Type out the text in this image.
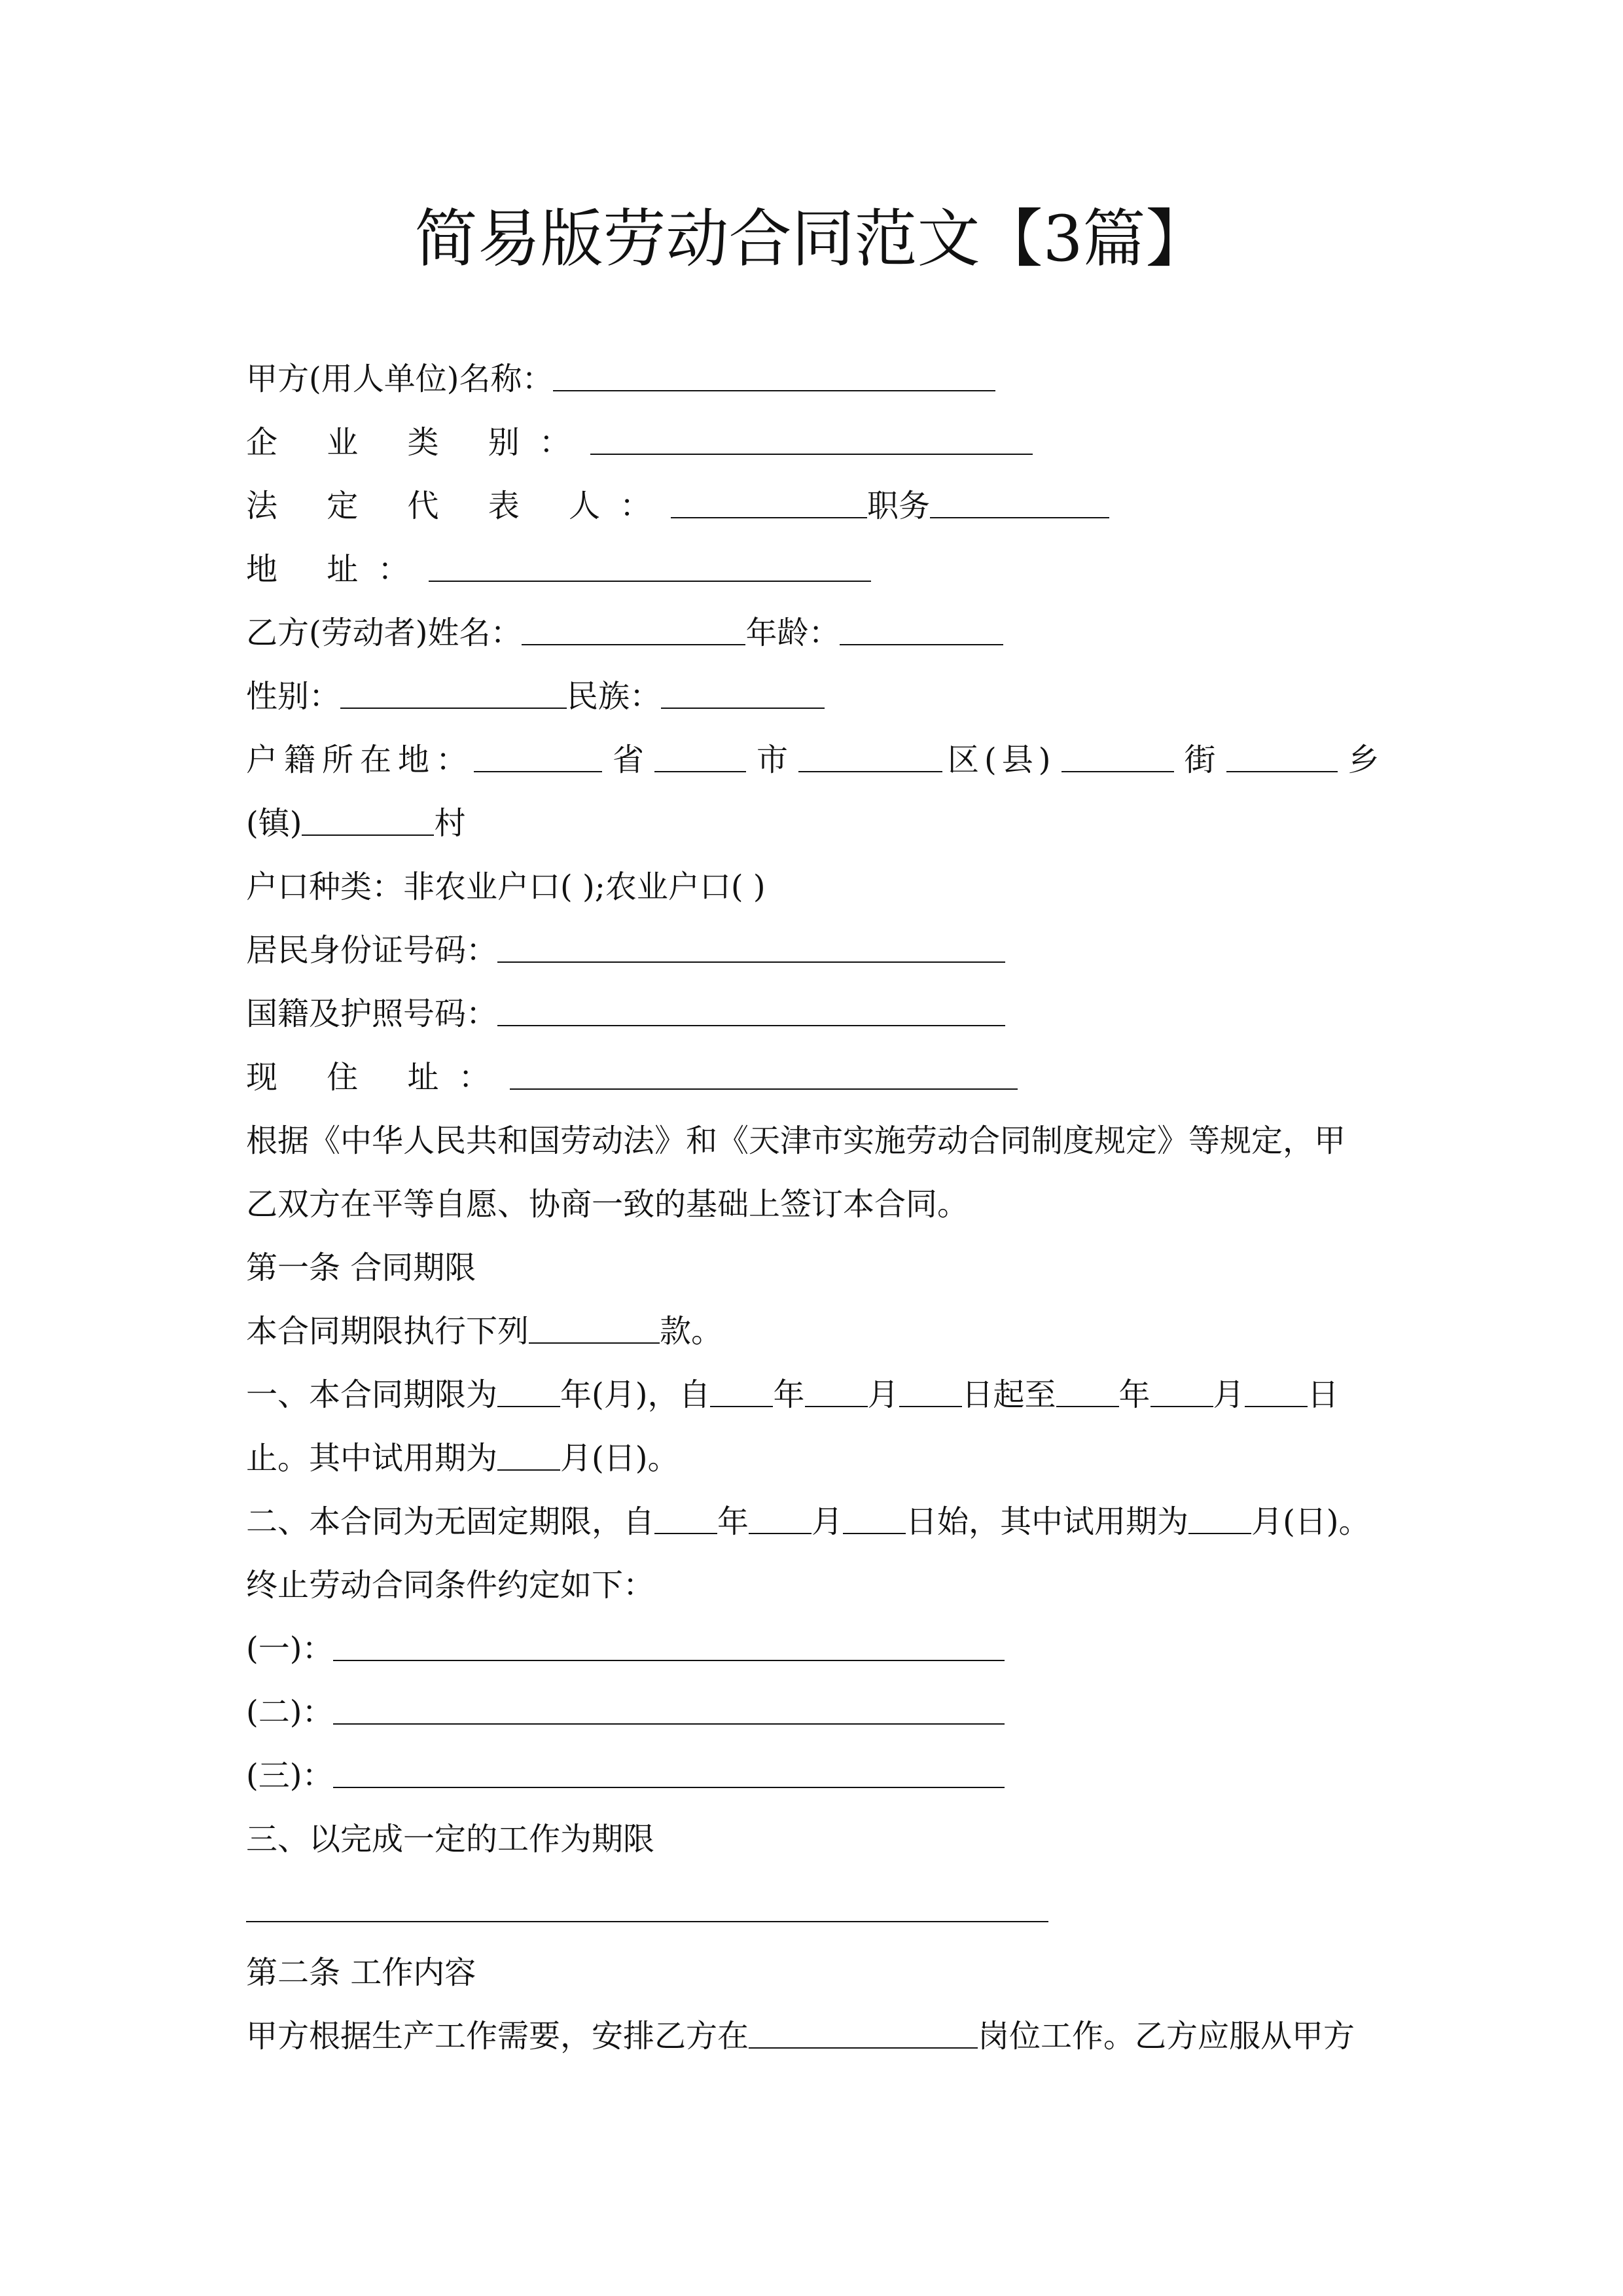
简易版劳动合同范文【3篇】
甲方(用人单位)名称：
企 业 类 别：
法 定 代 表 人：	职务
地 址：
乙方(劳动者)姓名：	年龄：
性别：	民族：
户籍所在地：	省	市	区(县)	街	乡
(镇)	村
户口种类：非农业户口( );农业户口( )
居民身份证号码：
国籍及护照号码：
现 住 址：
根据《中华人民共和国劳动法》和《天津市实施劳动合同制度规定》等规定，甲
乙双方在平等自愿、协商一致的基础上签订本合同。
第一条 合同期限
本合同期限执行下列	款。
一、本合同期限为 年(月)，自 年 月 日起至 年 月 日
止。其中试用期为 月(日)。
二、本合同为无固定期限，自 年 月 日始，其中试用期为 月(日)。
终止劳动合同条件约定如下：
(一)：
(二)：
(三)：
三、以完成一定的工作为期限
第二条 工作内容
甲方根据生产工作需要，安排乙方在	岗位工作。乙方应服从甲方
